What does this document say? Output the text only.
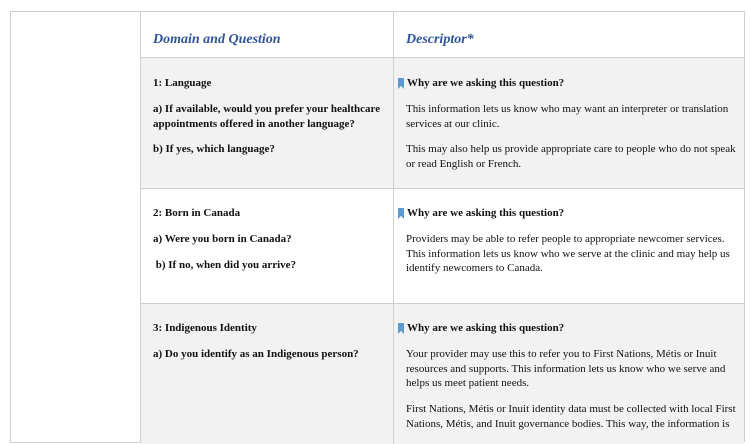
Domain and Question	Descriptor*
1: Language
a) If available, would you prefer your healthcare appointments offered in another language?
b) If yes, which language?
Why are we asking this question?
This information lets us know who may want an interpreter or translation services at our clinic.
This may also help us provide appropriate care to people who do not speak or read English or French.
2: Born in Canada
a) Were you born in Canada?
b) If no, when did you arrive?
Why are we asking this question?
Providers may be able to refer people to appropriate newcomer services. This information lets us know who we serve at the clinic and may help us identify newcomers to Canada.
3: Indigenous Identity
a) Do you identify as an Indigenous person?
Why are we asking this question?
Your provider may use this to refer you to First Nations, Métis or Inuit resources and supports. This information lets us know who we serve and helps us meet patient needs.
First Nations, Métis or Inuit identity data must be collected with local First Nations, Métis, and Inuit governance bodies. This way, the information is
